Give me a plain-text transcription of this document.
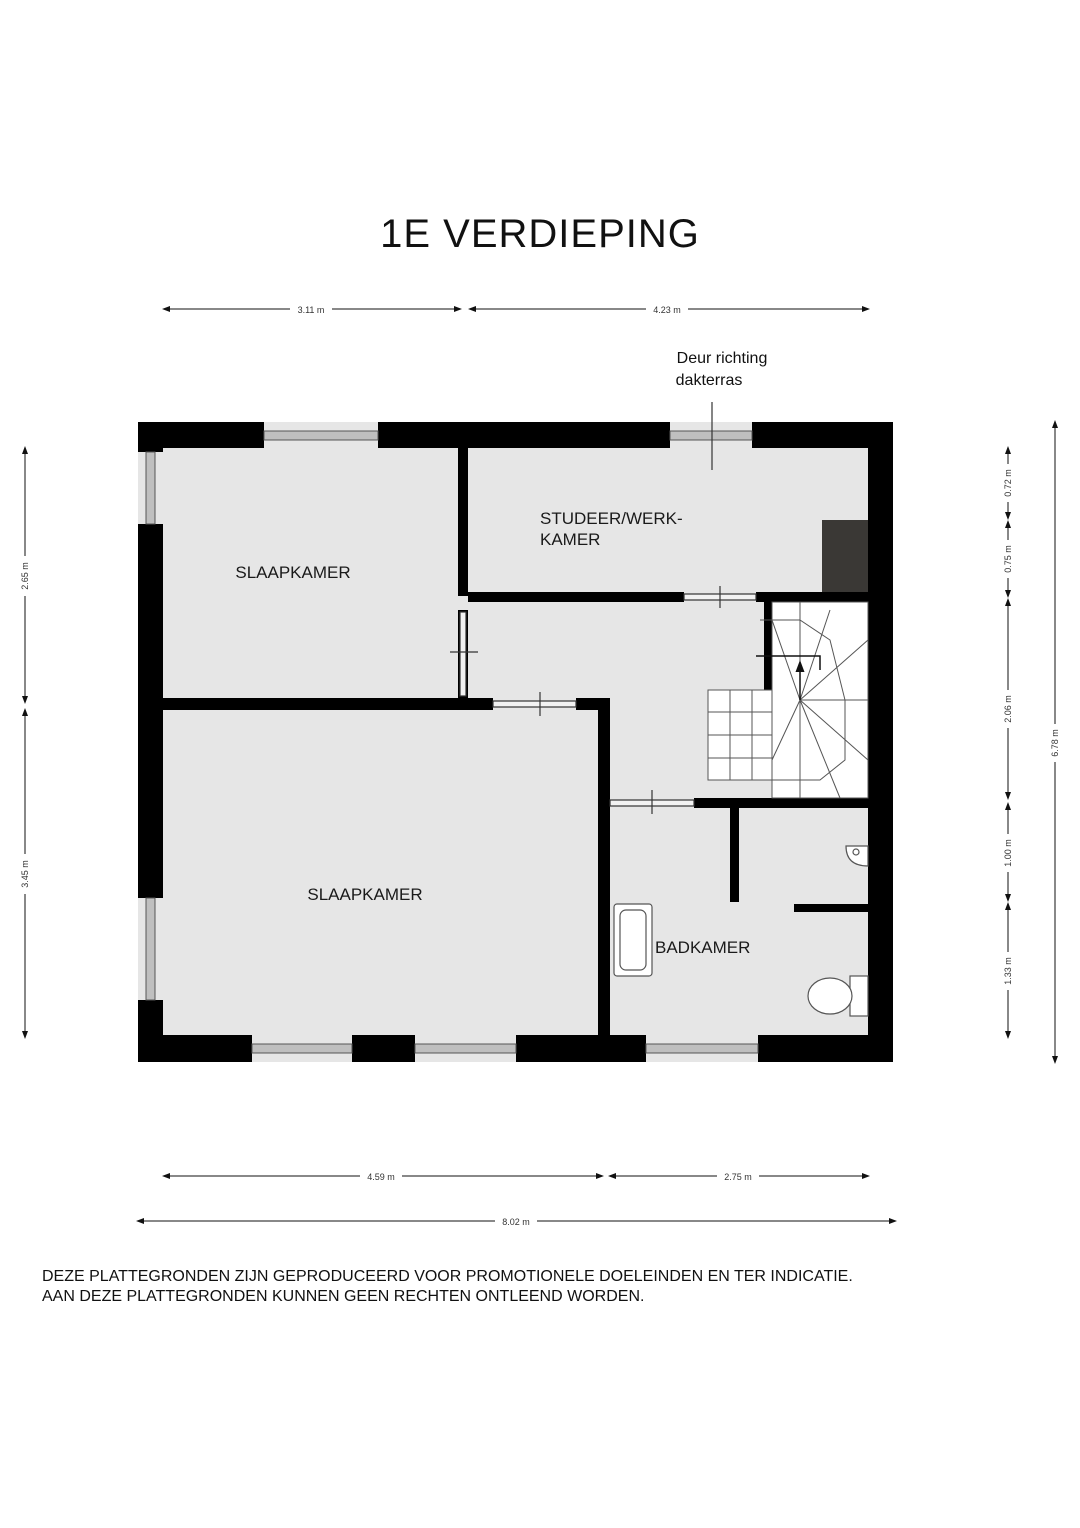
1E VERDIEPING
SLAAPKAMER
SLAAPKAMER
STUDEER/WERK-
KAMER
BADKAMER
Deur richting
dakterras
3.11 m	4.23 m
4.59 m	2.75 m
8.02 m
2.65 m
3.45 m
0.72 m
0.75 m
2.06 m
1.00 m
1.33 m
6.78 m
DEZE PLATTEGRONDEN ZIJN GEPRODUCEERD VOOR PROMOTIONELE DOELEINDEN EN TER INDICATIE.
AAN DEZE PLATTEGRONDEN KUNNEN GEEN RECHTEN ONTLEEND WORDEN.
